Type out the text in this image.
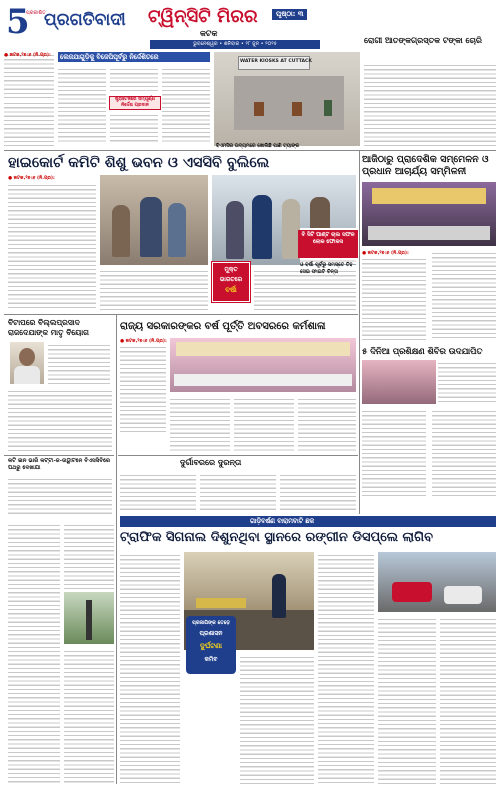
5
ପ୍ରକାଶିତ
ପ୍ରଗତିବାଦୀ ଟ୍ୱିନ୍‌ସିଟି ମିରର
କଟକ
ପୃଷ୍ଠା: ୩
ଭୁବନେଶ୍ୱର • ଶନିବାର • ୨୮ ଜୁନ • ୨୦୨୫
● କଟକ,୨୭।୬ (ନି.ପ୍ର): ଲେଜଯାଗୁଡ଼ିକୁ ବିଜେପିପୂର୍ବରୁ ନିର୍ଦ୍ଦେଶିତରେ
ଷ୍ଟ୍ରାଟେଜିରେ ସମ୍ପୂର୍ଣ୍ଣ ନିର୍ଦ୍ଦେଶ ପ୍ରଦାନ
WATER KIOSKS AT CUTTACK
ବିଏମସିର ଉଦ୍ୟମରେ ଖୋଲିଛି ପାଣି ଟ୍ୟାଙ୍କ
ରୋଗୀ ଆତଙ୍କଗ୍ରସ୍ତକ ଟଙ୍କା ଚୋରି
ହାଇକୋର୍ଟ କମିଟି ଶିଶୁ ଭବନ ଓ ଏସସିବି ବୁଲିଲେ
● କଟକ,୨୭।୬ (ନି.ପ୍ର):
ମୁକ୍ତ
ଭାରତରେ
ବର୍ଷା
ବି ସିଟି ପାଣ୍ଟ ଚାଲ ସଫଳ ଲୋକ ଫୋକସ
ଓ ବର୍ଷା ପୂର୍ବରୁ ସମସ୍ତେ ତିହ ସେଇ ଫାଇଟି ଚିନ୍ତା
ଆଜିଠାରୁ ପ୍ରାଦେଶିକ ସମ୍ମେଳନ ଓ ପ୍ରଧାନ ଆଚାର୍ଯ୍ୟ ସମ୍ମିଳନୀ
● କଟକ,୨୭।୬ (ନି.ପ୍ର):
ବିଟାପରେ ବିଲ୍ଲପ୍ରସାଦ ରାଜଦେଯାଙ୍କ ମାତୃ ବିୟୋଗ
ରାଜ୍ୟ ସରକାରଙ୍କର ବର୍ଷ ପୂର୍ତ୍ତି ଅବସରରେ କର୍ମଶାଳା
● କଟକ,୨୭।୬ (ନି.ପ୍ର):
୫ ଦିନିଆ ପ୍ରଶିକ୍ଷଣ ଶିବିର ଉଦଯାପିତ
ଦୁର୍ଗାବରରେ ଦୁରନ୍ତା
କଟି ଇନ ଭାରି କଟ୍ଟା-ଜ-ଉଦ୍ଘାଟନେ ବିଏସସିବିରେ ପଥରୁ ଦେଖାଯା
ଗାଡ଼ିବର୍ଷଣ ବାରାମବାଟି ଛକ
ଟ୍ରାଫିକ ସିଗନାଲ ଦିଶୁନଥିବା ସ୍ଥାନରେ ରଙ୍ଗୀନ ଡିସପ୍ଲେ ଲାଗିବ
ପ୍ରଜାଗିଙ୍କ ତେଡ଼େ
ପ୍ରଶାସନ
ଦୁର୍ଘଟଣା
କମିବ
